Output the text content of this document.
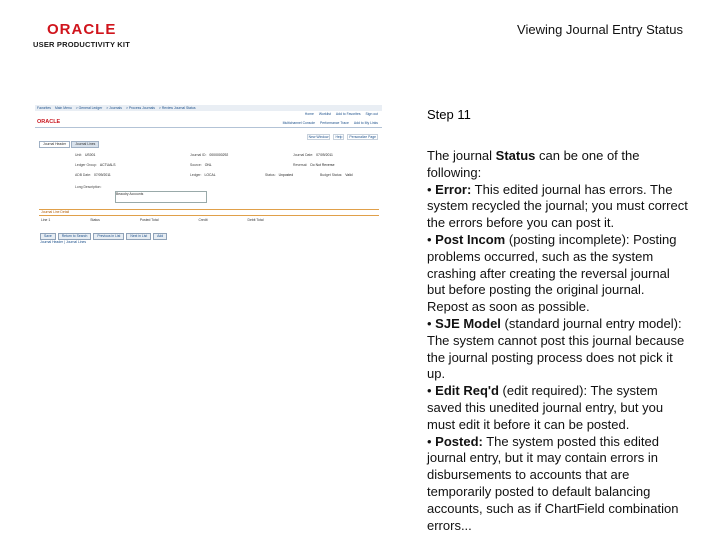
ORACLE
USER PRODUCTIVITY KIT
Viewing Journal Entry Status
Favorites Main Menu > General Ledger > Journals > Process Journals > Review Journal Status
ORACLE
Home Worklist Add to Favorites Sign out
Multichannel Console Performance Trace Add to My Links
New Window	Help	Personalize Page
Journal Header	Journal Lines
Unit: US001	Journal ID: 0000000292	Journal Date: 07/09/2011
Ledger Group: ACTUALS	Source: ONL	Reversal: Do Not Reverse
ADB Date: 07/09/2011	Ledger: LOCAL	Status: Unposted	Budget Status: Valid
Long Description:
Beaudry Accounts
Journal Line Detail
Line 1	Status	Posted Total	Credit	Debit Total
Save	Return to Search	Previous in List	Next in List	Add
Journal Header | Journal Lines
Step 11

The journal Status can be one of the following:

• Error: This edited journal has errors. The system recycled the journal; you must correct the errors before you can post it.

• Post Incom (posting incomplete): Posting problems occurred, such as the system crashing after creating the reversal journal but before posting the original journal. Repost as soon as possible.

• SJE Model (standard journal entry model): The system cannot post this journal because the journal posting process does not pick it up.

• Edit Req'd (edit required): The system saved this unedited journal entry, but you must edit it before it can be posted.

• Posted: The system posted this edited journal entry, but it may contain errors in disbursements to accounts that are temporarily posted to default balancing accounts, such as if ChartField combination errors...
